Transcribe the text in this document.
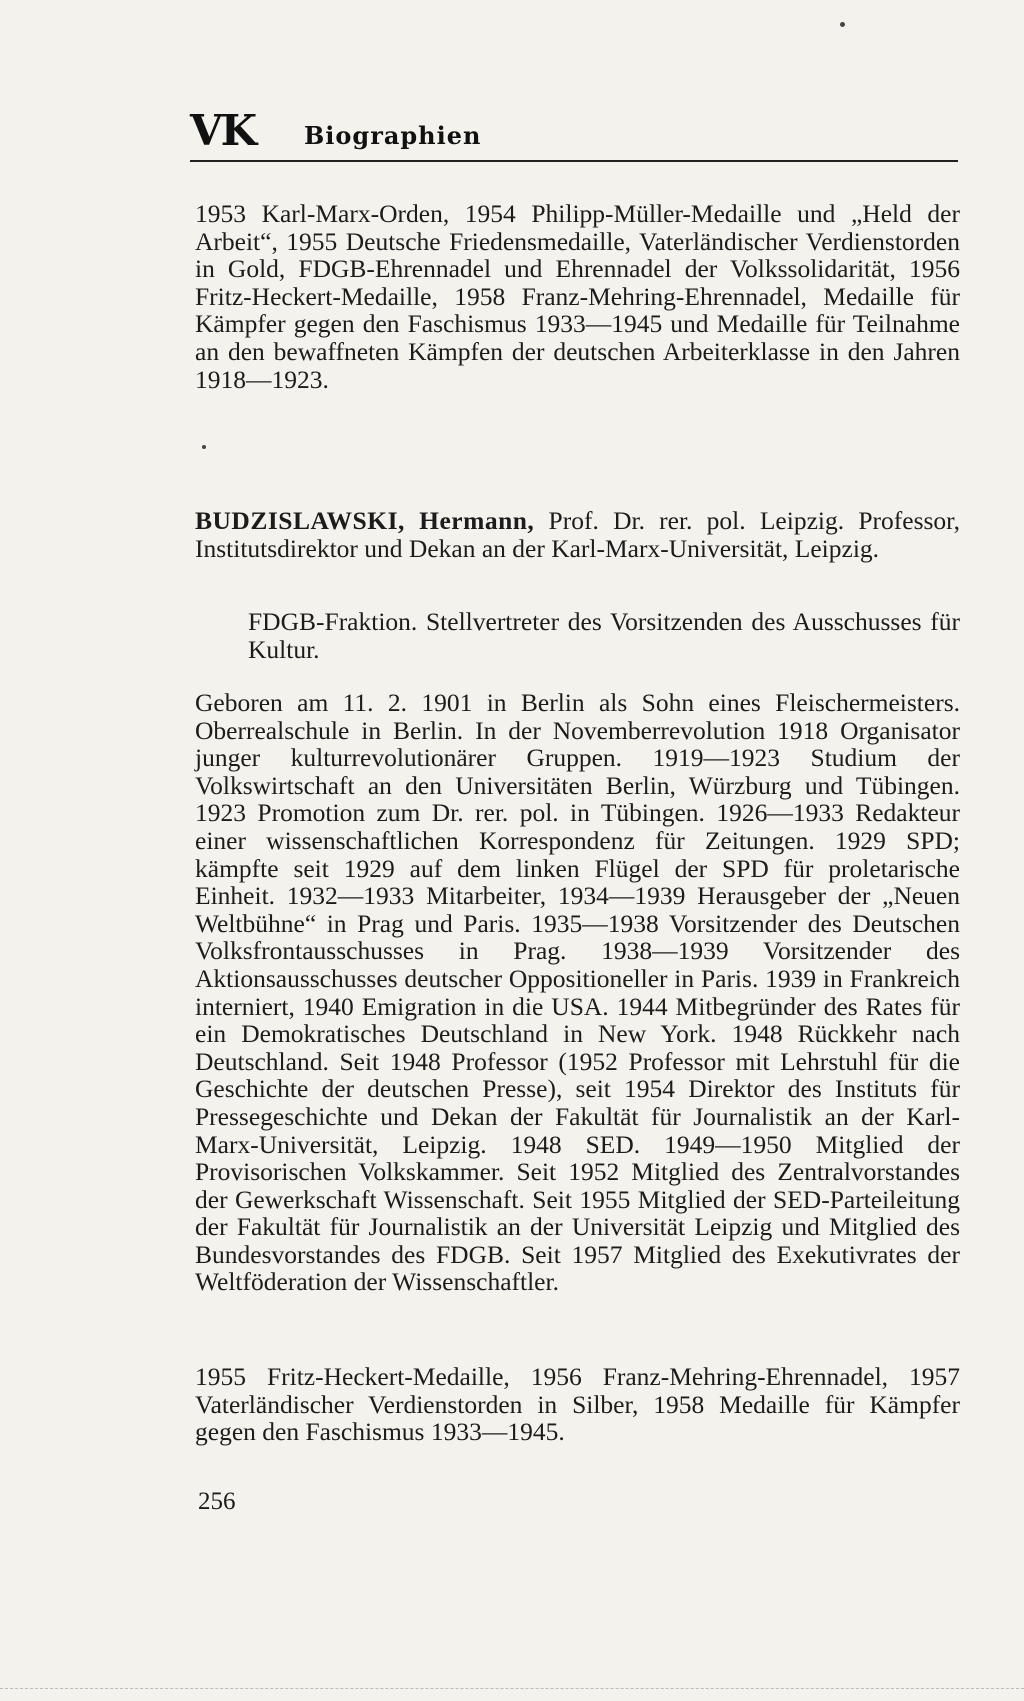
VK Biographien

1953 Karl-Marx-Orden, 1954 Philipp-Müller-Medaille und „Held der Arbeit“, 1955 Deutsche Friedensmedaille, Vaterländischer Verdienstorden in Gold, FDGB-Ehrennadel und Ehrennadel der Volkssolidarität, 1956 Fritz-Heckert-Medaille, 1958 Franz-Mehring-Ehrennadel, Medaille für Kämpfer gegen den Faschismus 1933—1945 und Medaille für Teilnahme an den bewaffneten Kämpfen der deutschen Arbeiterklasse in den Jahren 1918—1923.

BUDZISLAWSKI, Hermann, Prof. Dr. rer. pol. Leipzig. Professor, Institutsdirektor und Dekan an der Karl-Marx-Universität, Leipzig.

FDGB-Fraktion. Stellvertreter des Vorsitzenden des Ausschusses für Kultur.

Geboren am 11. 2. 1901 in Berlin als Sohn eines Fleischermeisters. Oberrealschule in Berlin. In der Novemberrevolution 1918 Organisator junger kulturrevolutionärer Gruppen. 1919—1923 Studium der Volkswirtschaft an den Universitäten Berlin, Würzburg und Tübingen. 1923 Promotion zum Dr. rer. pol. in Tübingen. 1926—1933 Redakteur einer wissenschaftlichen Korrespondenz für Zeitungen. 1929 SPD; kämpfte seit 1929 auf dem linken Flügel der SPD für proletarische Einheit. 1932—1933 Mitarbeiter, 1934—1939 Herausgeber der „Neuen Weltbühne“ in Prag und Paris. 1935—1938 Vorsitzender des Deutschen Volksfrontausschusses in Prag. 1938—1939 Vorsitzender des Aktionsausschusses deutscher Oppositioneller in Paris. 1939 in Frankreich interniert, 1940 Emigration in die USA. 1944 Mitbegründer des Rates für ein Demokratisches Deutschland in New York. 1948 Rückkehr nach Deutschland. Seit 1948 Professor (1952 Professor mit Lehrstuhl für die Geschichte der deutschen Presse), seit 1954 Direktor des Instituts für Pressegeschichte und Dekan der Fakultät für Journalistik an der Karl-Marx-Universität, Leipzig. 1948 SED. 1949—1950 Mitglied der Provisorischen Volkskammer. Seit 1952 Mitglied des Zentralvorstandes der Gewerkschaft Wissenschaft. Seit 1955 Mitglied der SED-Parteileitung der Fakultät für Journalistik an der Universität Leipzig und Mitglied des Bundesvorstandes des FDGB. Seit 1957 Mitglied des Exekutivrates der Weltföderation der Wissenschaftler.

1955 Fritz-Heckert-Medaille, 1956 Franz-Mehring-Ehrennadel, 1957 Vaterländischer Verdienstorden in Silber, 1958 Medaille für Kämpfer gegen den Faschismus 1933—1945.

256
